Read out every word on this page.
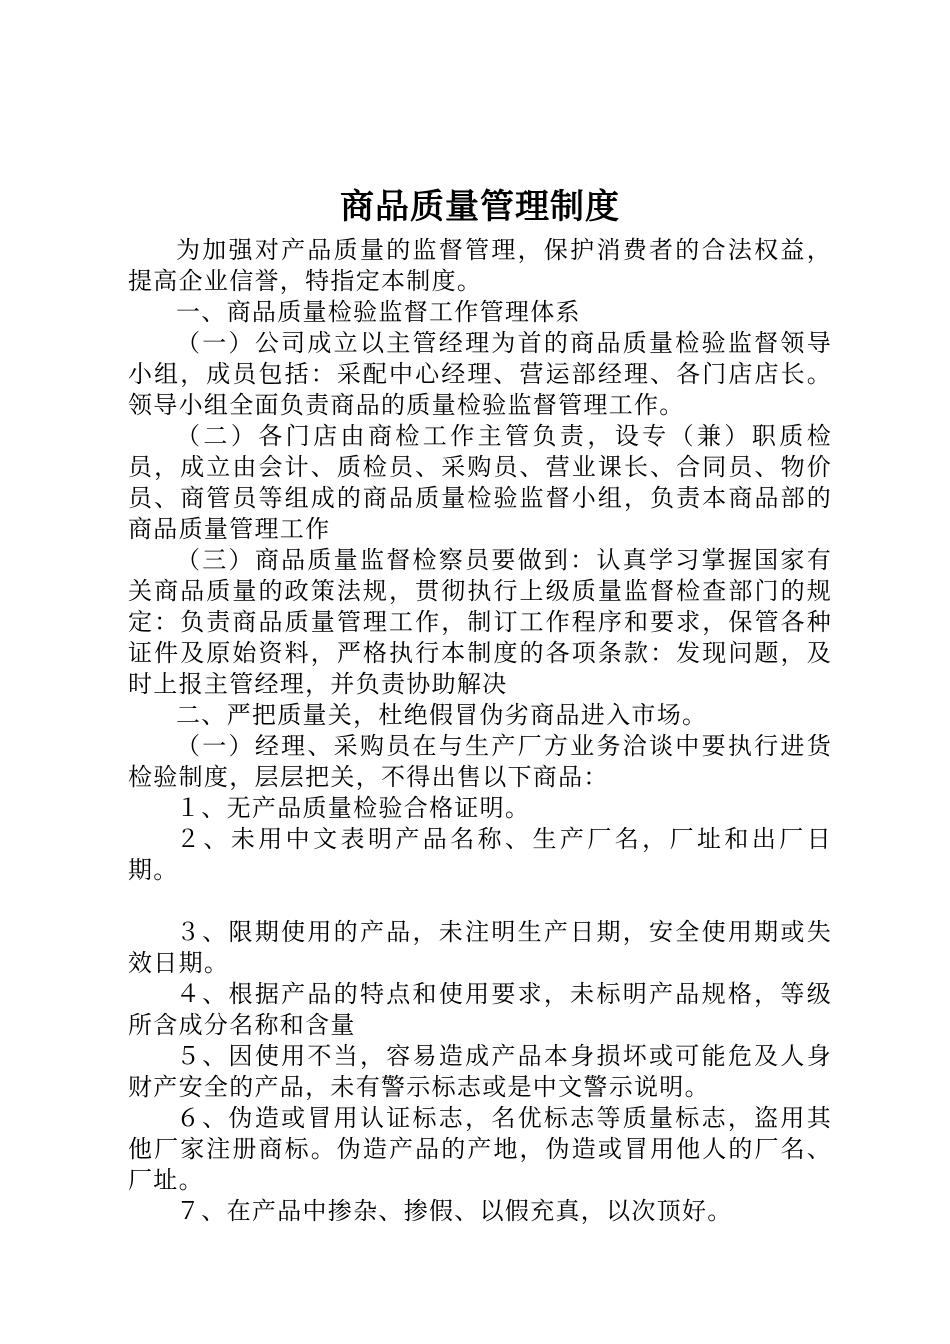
商品质量管理制度

为加强对产品质量的监督管理，保护消费者的合法权益，提高企业信誉，特指定本制度。

一、商品质量检验监督工作管理体系

（一）公司成立以主管经理为首的商品质量检验监督领导小组，成员包括：采配中心经理、营运部经理、各门店店长。领导小组全面负责商品的质量检验监督管理工作。

（二）各门店由商检工作主管负责，设专（兼）职质检员，成立由会计、质检员、采购员、营业课长、合同员、物价员、商管员等组成的商品质量检验监督小组，负责本商品部的商品质量管理工作

（三）商品质量监督检察员要做到：认真学习掌握国家有关商品质量的政策法规，贯彻执行上级质量监督检查部门的规定：负责商品质量管理工作，制订工作程序和要求，保管各种证件及原始资料，严格执行本制度的各项条款：发现问题，及时上报主管经理，并负责协助解决

二、严把质量关，杜绝假冒伪劣商品进入市场。

（一）经理、采购员在与生产厂方业务洽谈中要执行进货检验制度，层层把关，不得出售以下商品：

１、无产品质量检验合格证明。

２、未用中文表明产品名称、生产厂名，厂址和出厂日期。

３、限期使用的产品，未注明生产日期，安全使用期或失效日期。

４、根据产品的特点和使用要求，未标明产品规格，等级所含成分名称和含量

５、因使用不当，容易造成产品本身损坏或可能危及人身财产安全的产品，未有警示标志或是中文警示说明。

６、伪造或冒用认证标志，名优标志等质量标志，盗用其他厂家注册商标。伪造产品的产地，伪造或冒用他人的厂名、厂址。

７、在产品中掺杂、掺假、以假充真，以次顶好。
